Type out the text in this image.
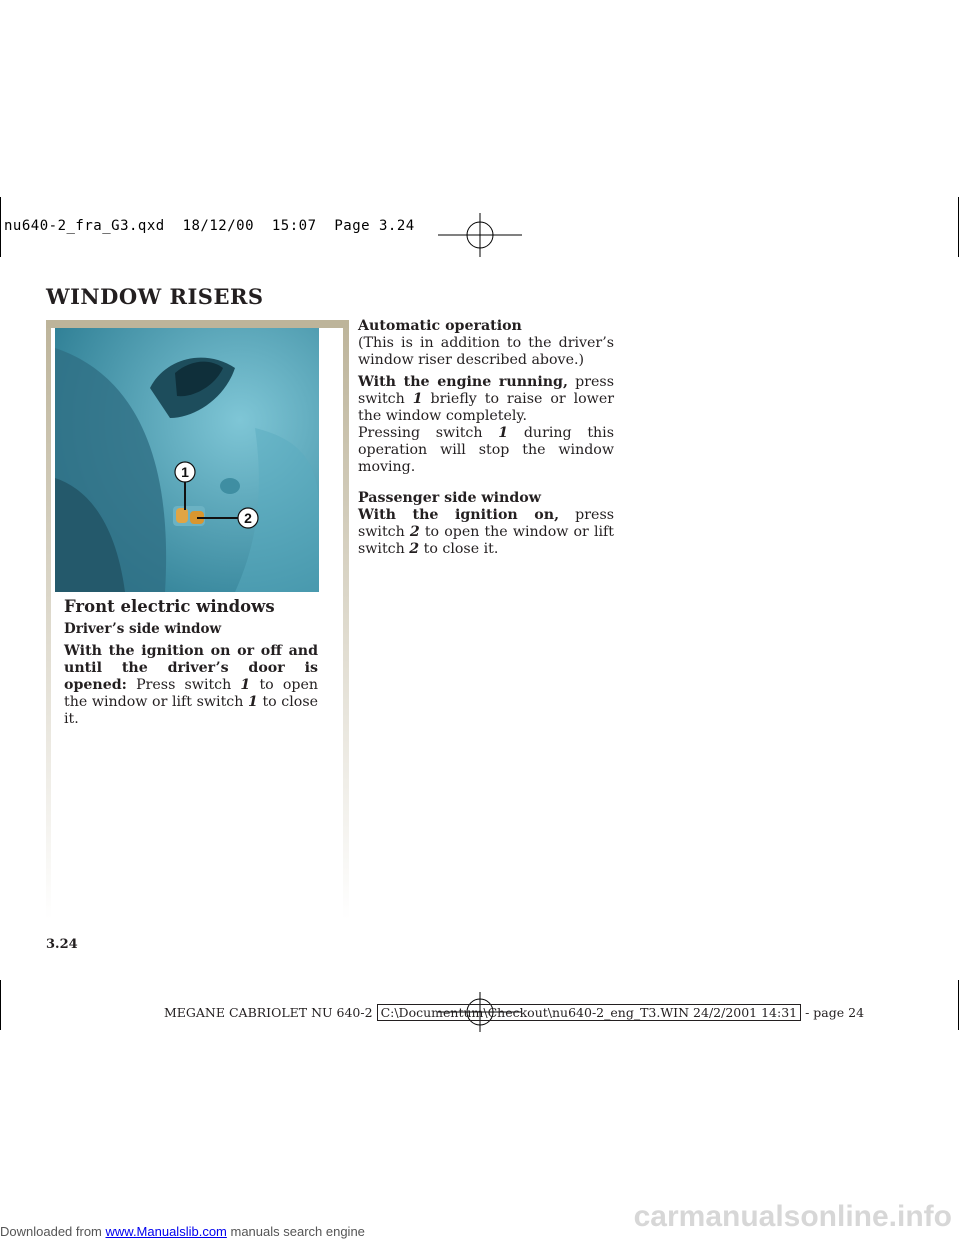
nu640-2_fra_G3.qxd  18/12/00  15:07  Page 3.24
WINDOW RISERS
1
2
Front electric windows
Driver’s side window
With the ignition on or off and until the driver’s door is opened: Press switch 1 to open the window or lift switch 1 to close it.
Automatic operation
(This is in addition to the driver’s window riser described above.)
With the engine running, press switch 1 briefly to raise or lower the window completely.
Pressing switch 1 during this operation will stop the window moving.
Passenger side window
With the ignition on, press switch 2 to open the window or lift switch 2 to close it.
3.24
MEGANE CABRIOLET NU 640-2 C:\Documentum\Checkout\nu640-2_eng_T3.WIN 24/2/2001 14:31 - page 24
Downloaded from www.Manualslib.com manuals search engine	carmanualsonline.info
